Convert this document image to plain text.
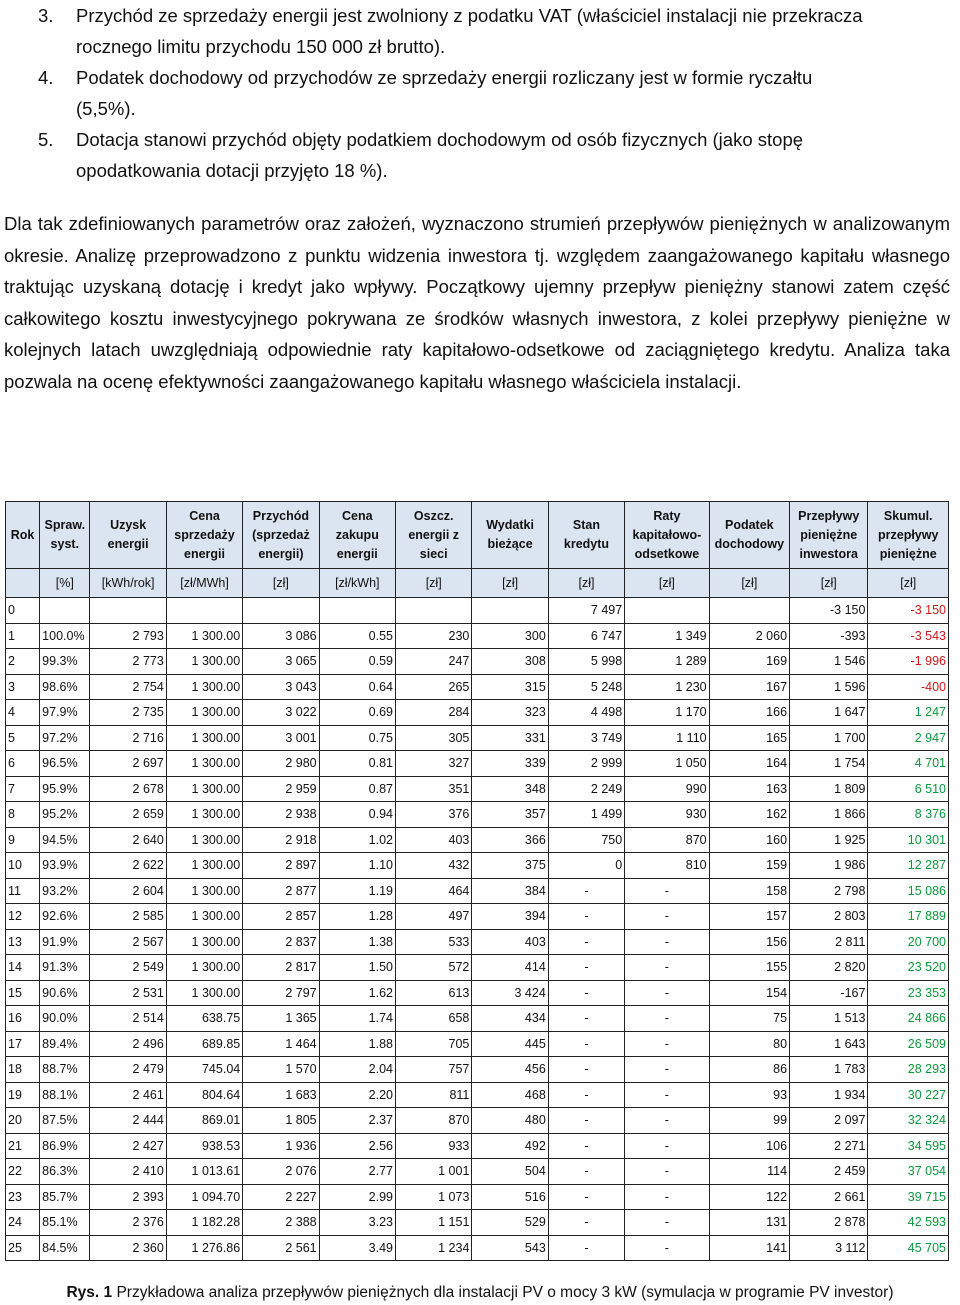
3. Przychód ze sprzedaży energii jest zwolniony z podatku VAT (właściciel instalacji nie przekracza
rocznego limitu przychodu 150 000 zł brutto).
4. Podatek dochodowy od przychodów ze sprzedaży energii rozliczany jest w formie ryczałtu
(5,5%).
5. Dotacja stanowi przychód objęty podatkiem dochodowym od osób fizycznych (jako stopę
opodatkowania dotacji przyjęto 18 %).

Dla tak zdefiniowanych parametrów oraz założeń, wyznaczono strumień przepływów pieniężnych w analizowanym okresie. Analizę przeprowadzono z punktu widzenia inwestora tj. względem zaangażowanego kapitału własnego traktując uzyskaną dotację i kredyt jako wpływy. Początkowy ujemny przepływ pieniężny stanowi zatem część całkowitego kosztu inwestycyjnego pokrywana ze środków własnych inwestora, z kolei przepływy pieniężne w kolejnych latach uwzględniają odpowiednie raty kapitałowo-odsetkowe od zaciągniętego kredytu. Analiza taka pozwala na ocenę efektywności zaangażowanego kapitału własnego właściciela instalacji.

Rok	Spraw. syst.	Uzysk energii	Cena sprzedaży energii	Przychód (sprzedaż energii)	Cena zakupu energii	Oszcz. energii z sieci	Wydatki bieżące	Stan kredytu	Raty kapitałowo-odsetkowe	Podatek dochodowy	Przepływy pieniężne inwestora	Skumul. przepływy pieniężne
	[%]	[kWh/rok]	[zł/MWh]	[zł]	[zł/kWh]	[zł]	[zł]	[zł]	[zł]	[zł]	[zł]	[zł]
0								7 497			-3 150	-3 150
1	100.0%	2 793	1 300.00	3 086	0.55	230	300	6 747	1 349	2 060	-393	-3 543
2	99.3%	2 773	1 300.00	3 065	0.59	247	308	5 998	1 289	169	1 546	-1 996
3	98.6%	2 754	1 300.00	3 043	0.64	265	315	5 248	1 230	167	1 596	-400
4	97.9%	2 735	1 300.00	3 022	0.69	284	323	4 498	1 170	166	1 647	1 247
5	97.2%	2 716	1 300.00	3 001	0.75	305	331	3 749	1 110	165	1 700	2 947
6	96.5%	2 697	1 300.00	2 980	0.81	327	339	2 999	1 050	164	1 754	4 701
7	95.9%	2 678	1 300.00	2 959	0.87	351	348	2 249	990	163	1 809	6 510
8	95.2%	2 659	1 300.00	2 938	0.94	376	357	1 499	930	162	1 866	8 376
9	94.5%	2 640	1 300.00	2 918	1.02	403	366	750	870	160	1 925	10 301
10	93.9%	2 622	1 300.00	2 897	1.10	432	375	0	810	159	1 986	12 287
11	93.2%	2 604	1 300.00	2 877	1.19	464	384	-	-	158	2 798	15 086
12	92.6%	2 585	1 300.00	2 857	1.28	497	394	-	-	157	2 803	17 889
13	91.9%	2 567	1 300.00	2 837	1.38	533	403	-	-	156	2 811	20 700
14	91.3%	2 549	1 300.00	2 817	1.50	572	414	-	-	155	2 820	23 520
15	90.6%	2 531	1 300.00	2 797	1.62	613	3 424	-	-	154	-167	23 353
16	90.0%	2 514	638.75	1 365	1.74	658	434	-	-	75	1 513	24 866
17	89.4%	2 496	689.85	1 464	1.88	705	445	-	-	80	1 643	26 509
18	88.7%	2 479	745.04	1 570	2.04	757	456	-	-	86	1 783	28 293
19	88.1%	2 461	804.64	1 683	2.20	811	468	-	-	93	1 934	30 227
20	87.5%	2 444	869.01	1 805	2.37	870	480	-	-	99	2 097	32 324
21	86.9%	2 427	938.53	1 936	2.56	933	492	-	-	106	2 271	34 595
22	86.3%	2 410	1 013.61	2 076	2.77	1 001	504	-	-	114	2 459	37 054
23	85.7%	2 393	1 094.70	2 227	2.99	1 073	516	-	-	122	2 661	39 715
24	85.1%	2 376	1 182.28	2 388	3.23	1 151	529	-	-	131	2 878	42 593
25	84.5%	2 360	1 276.86	2 561	3.49	1 234	543	-	-	141	3 112	45 705
Rys. 1 Przykładowa analiza przepływów pieniężnych dla instalacji PV o mocy 3 kW (symulacja w programie PV investor)
